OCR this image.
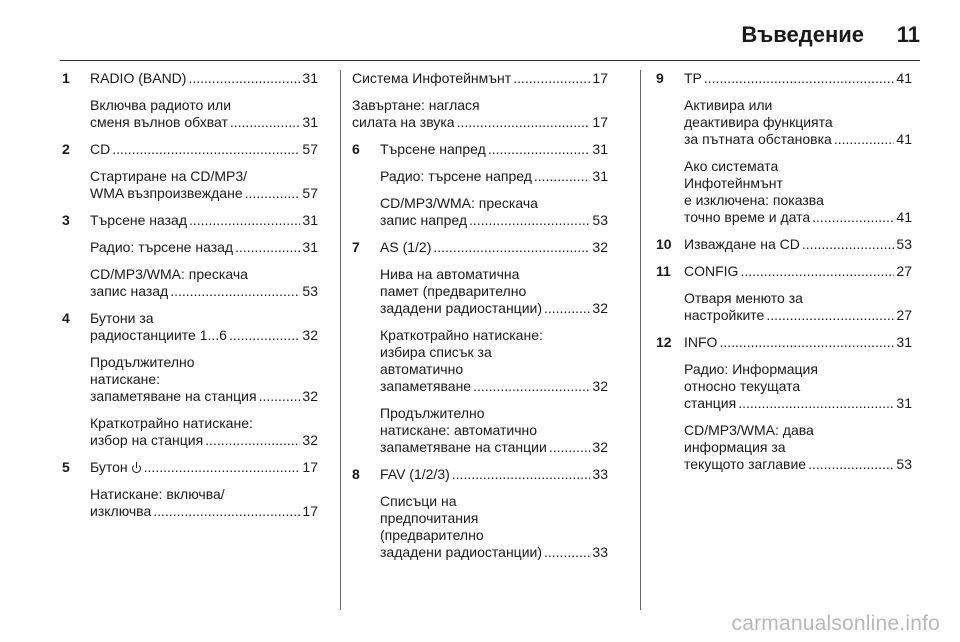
Въведение 11
1	RADIO (BAND) .....	31
Включва радиото или
сменя вълнов обхват .....	31
2	CD .....	57
Стартиране на CD/MP3/
WMA възпроизвеждане .....	57
3	Търсене назад .....	31
Радио: търсене назад .....	31
CD/MP3/WMA: прескача
запис назад .....	53
4	Бутони за
радиостанциите 1...6 .....	32
Продължително
натискане:
запаметяване на станция .....	32
Краткотрайно натискане:
избор на станция .....	32
5	Бутон .....	17
Натискане: включва/
изключва .....	17
Система Инфотейнмънт .....	17
Завъртане: наглася
силата на звука .....	17
6	Търсене напред .....	31
Радио: търсене напред .....	31
CD/MP3/WMA: прескача
запис напред .....	53
7	AS (1/2) .....	32
Нива на автоматична
памет (предварително
зададени радиостанции) .....	32
Краткотрайно натискане:
избира списък за
автоматично
запаметяване .....	32
Продължително
натискане: автоматично
запаметяване на станции .....	32
8	FAV (1/2/3) .....	33
Списъци на
предпочитания
(предварително
зададени радиостанции) .....	33
9	TP .....	41
Активира или
деактивира функцията
за пътната обстановка .....	41
Ако системата
Инфотейнмънт
е изключена: показва
точно време и дата .....	41
10 Изваждане на CD .....	53
11 CONFIG .....	27
Отваря менюто за
настройките .....	27
12 INFO .....	31
Радио: Информация
относно текущата
станция .....	31
CD/MP3/WMA: дава
информация за
текущото заглавие .....	53
carmanualsonline.info
